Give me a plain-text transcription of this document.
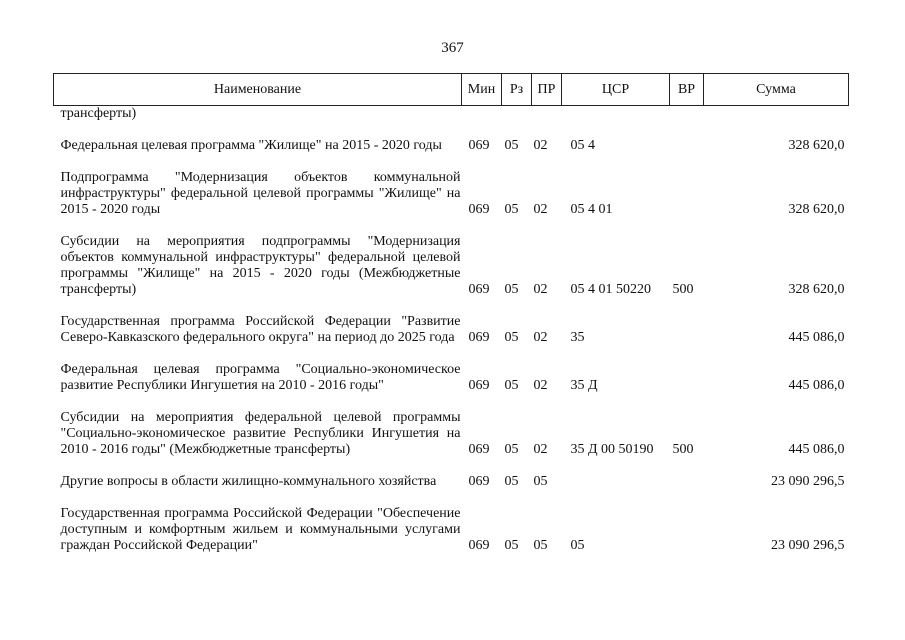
367
Наименование	Мин	Рз	ПР	ЦСР	ВР	Сумма
трансферты)						

Федеральная целевая программа "Жилище" на 2015 - 2020 годы	069	05	02	05 4		328 620,0

Подпрограмма "Модернизация объектов коммунальной инфраструктуры" федеральной целевой программы "Жилище" на 2015 - 2020 годы	069	05	02	05 4 01		328 620,0

Субсидии на мероприятия подпрограммы "Модернизация объектов коммунальной инфраструктуры" федеральной целевой программы "Жилище" на 2015 - 2020 годы (Межбюджетные трансферты)	069	05	02	05 4 01 50220	500	328 620,0

Государственная программа Российской Федерации "Развитие Северо-Кавказского федерального округа" на период до 2025 года	069	05	02	35		445 086,0

Федеральная целевая программа "Социально-экономическое развитие Республики Ингушетия на 2010 - 2016 годы"	069	05	02	35 Д		445 086,0

Субсидии на мероприятия федеральной целевой программы "Социально-экономическое развитие Республики Ингушетия на 2010 - 2016 годы" (Межбюджетные трансферты)	069	05	02	35 Д 00 50190	500	445 086,0

Другие вопросы в области жилищно-коммунального хозяйства	069	05	05			23 090 296,5

Государственная программа Российской Федерации "Обеспечение доступным и комфортным жильем и коммунальными услугами граждан Российской Федерации"	069	05	05	05		23 090 296,5
